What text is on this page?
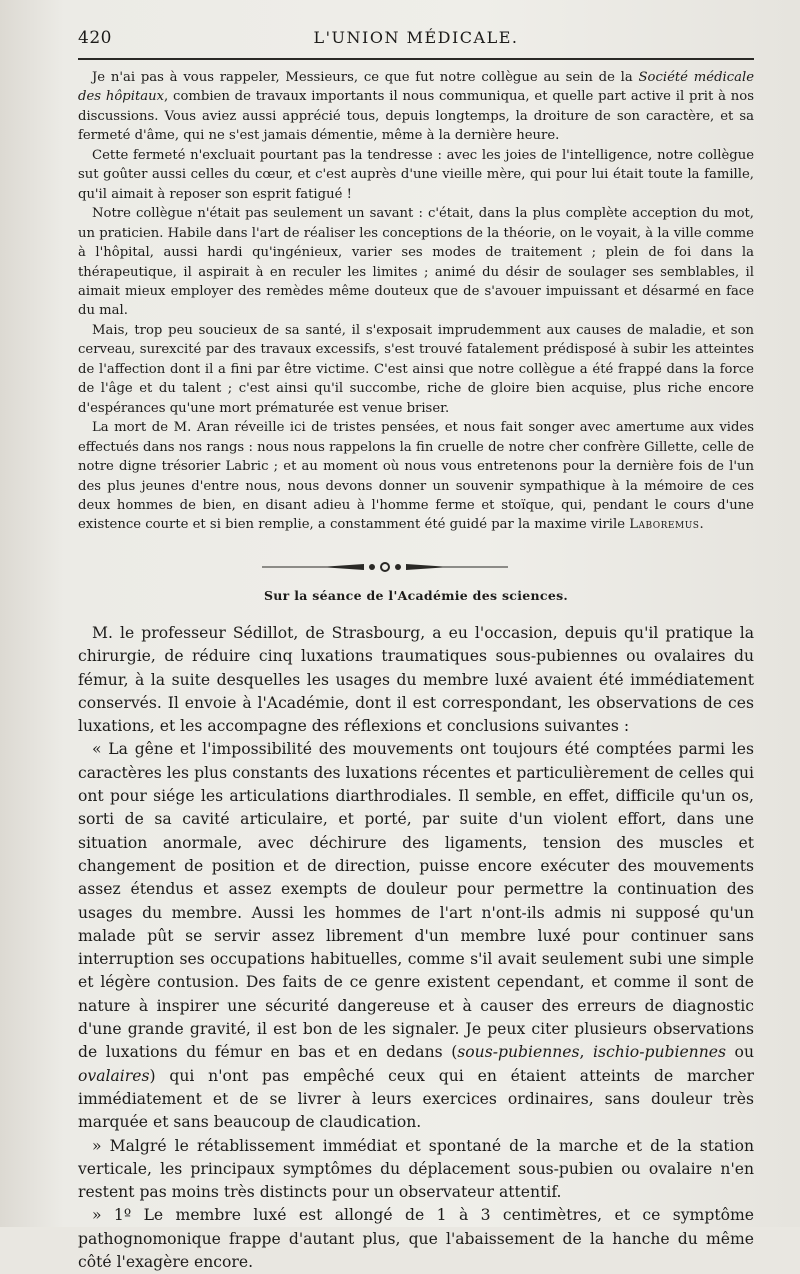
420	L'UNION MÉDICALE.

Je n'ai pas à vous rappeler, Messieurs, ce que fut notre collègue au sein de la Société médicale des hôpitaux, combien de travaux importants il nous communiqua, et quelle part active il prit à nos discussions. Vous aviez aussi apprécié tous, depuis longtemps, la droiture de son caractère, et sa fermeté d'âme, qui ne s'est jamais démentie, même à la dernière heure.

Cette fermeté n'excluait pourtant pas la tendresse : avec les joies de l'intelligence, notre collègue sut goûter aussi celles du cœur, et c'est auprès d'une vieille mère, qui pour lui était toute la famille, qu'il aimait à reposer son esprit fatigué !

Notre collègue n'était pas seulement un savant : c'était, dans la plus complète acception du mot, un praticien. Habile dans l'art de réaliser les conceptions de la théorie, on le voyait, à la ville comme à l'hôpital, aussi hardi qu'ingénieux, varier ses modes de traitement ; plein de foi dans la thérapeutique, il aspirait à en reculer les limites ; animé du désir de soulager ses semblables, il aimait mieux employer des remèdes même douteux que de s'avouer impuissant et désarmé en face du mal.

Mais, trop peu soucieux de sa santé, il s'exposait imprudemment aux causes de maladie, et son cerveau, surexcité par des travaux excessifs, s'est trouvé fatalement prédisposé à subir les atteintes de l'affection dont il a fini par être victime. C'est ainsi que notre collègue a été frappé dans la force de l'âge et du talent ; c'est ainsi qu'il succombe, riche de gloire bien acquise, plus riche encore d'espérances qu'une mort prématurée est venue briser.

La mort de M. Aran réveille ici de tristes pensées, et nous fait songer avec amertume aux vides effectués dans nos rangs : nous nous rappelons la fin cruelle de notre cher confrère Gillette, celle de notre digne trésorier Labric ; et au moment où nous vous entretenons pour la dernière fois de l'un des plus jeunes d'entre nous, nous devons donner un souvenir sympathique à la mémoire de ces deux hommes de bien, en disant adieu à l'homme ferme et stoïque, qui, pendant le cours d'une existence courte et si bien remplie, a constamment été guidé par la maxime virile Laboremus.

Sur la séance de l'Académie des sciences.

M. le professeur Sédillot, de Strasbourg, a eu l'occasion, depuis qu'il pratique la chirurgie, de réduire cinq luxations traumatiques sous-pubiennes ou ovalaires du fémur, à la suite desquelles les usages du membre luxé avaient été immédiatement conservés. Il envoie à l'Académie, dont il est correspondant, les observations de ces luxations, et les accompagne des réflexions et conclusions suivantes :

« La gêne et l'impossibilité des mouvements ont toujours été comptées parmi les caractères les plus constants des luxations récentes et particulièrement de celles qui ont pour siége les articulations diarthrodiales. Il semble, en effet, difficile qu'un os, sorti de sa cavité articulaire, et porté, par suite d'un violent effort, dans une situation anormale, avec déchirure des ligaments, tension des muscles et changement de position et de direction, puisse encore exécuter des mouvements assez étendus et assez exempts de douleur pour permettre la continuation des usages du membre. Aussi les hommes de l'art n'ont-ils admis ni supposé qu'un malade pût se servir assez librement d'un membre luxé pour continuer sans interruption ses occupations habituelles, comme s'il avait seulement subi une simple et légère contusion. Des faits de ce genre existent cependant, et comme il sont de nature à inspirer une sécurité dangereuse et à causer des erreurs de diagnostic d'une grande gravité, il est bon de les signaler. Je peux citer plusieurs observations de luxations du fémur en bas et en dedans (sous-pubiennes, ischio-pubiennes ou ovalaires) qui n'ont pas empêché ceux qui en étaient atteints de marcher immédiatement et de se livrer à leurs exercices ordinaires, sans douleur très marquée et sans beaucoup de claudication.

» Malgré le rétablissement immédiat et spontané de la marche et de la station verticale, les principaux symptômes du déplacement sous-pubien ou ovalaire n'en restent pas moins très distincts pour un observateur attentif.

» 1º Le membre luxé est allongé de 1 à 3 centimètres, et ce symptôme pathognomonique frappe d'autant plus, que l'abaissement de la hanche du même côté l'exagère encore.
